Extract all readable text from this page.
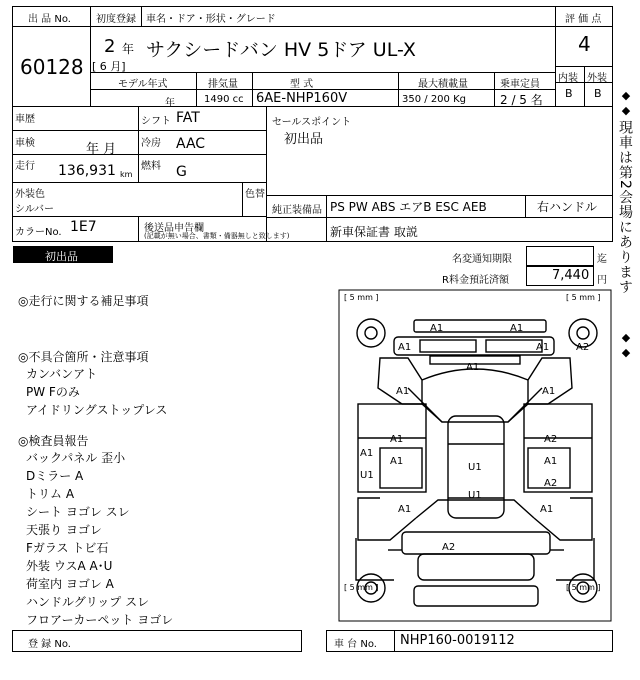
出 品 No.
60128
初度登録
2 年
[ 6 月]
車名・ドア・形状・グレード
サクシードバン HV 5ドア UL-X
評 価 点
4
内装 外装
B B
モデル年式
年
排気量
1490 cc
型 式
6AE-NHP160V
最大積載量
350 / 200 Kg
乗車定員
2 / 5 名
車歴
車検	年 月
走行 136,931 km
シフト FAT
冷房 AAC
燃料 G
外装色
シルバー
色替
カラーNo. 1E7	後送品申告欄
(記載が無い場合、書類・備器無しと致します)
セールスポイント
初出品
純正装備品 PS PW ABS エアB ESC AEB	右ハンドル
新車保証書 取説
◆
◆
現車は第2会場にあります
◆
◆
初出品	名変通知期限	迄
R料金預託済額	7,440 円
◎走行に関する補足事項
◎不具合箇所・注意事項
カンバンアト
PW Fのみ
アイドリングストップレス
◎検査員報告
バックパネル 歪小
Dミラー A
トリム A
シート ヨゴレ スレ
天張り ヨゴレ
Fガラス トビ石
外装 ウスA A･U
荷室内 ヨゴレ A
ハンドルグリップ スレ
フロアーカーペット ヨゴレ
[ 5 mm ]	[ 5 mm ]
[ 5 mm ]	[ 5 mm ]
A1	A1
A1	A1	A2
A1
A1	A1
A1
A1
A2
A1
U1
A1
U1
A2
U1
A1	A1
A2
登 録 No.	車 台 No. NHP160-0019112
